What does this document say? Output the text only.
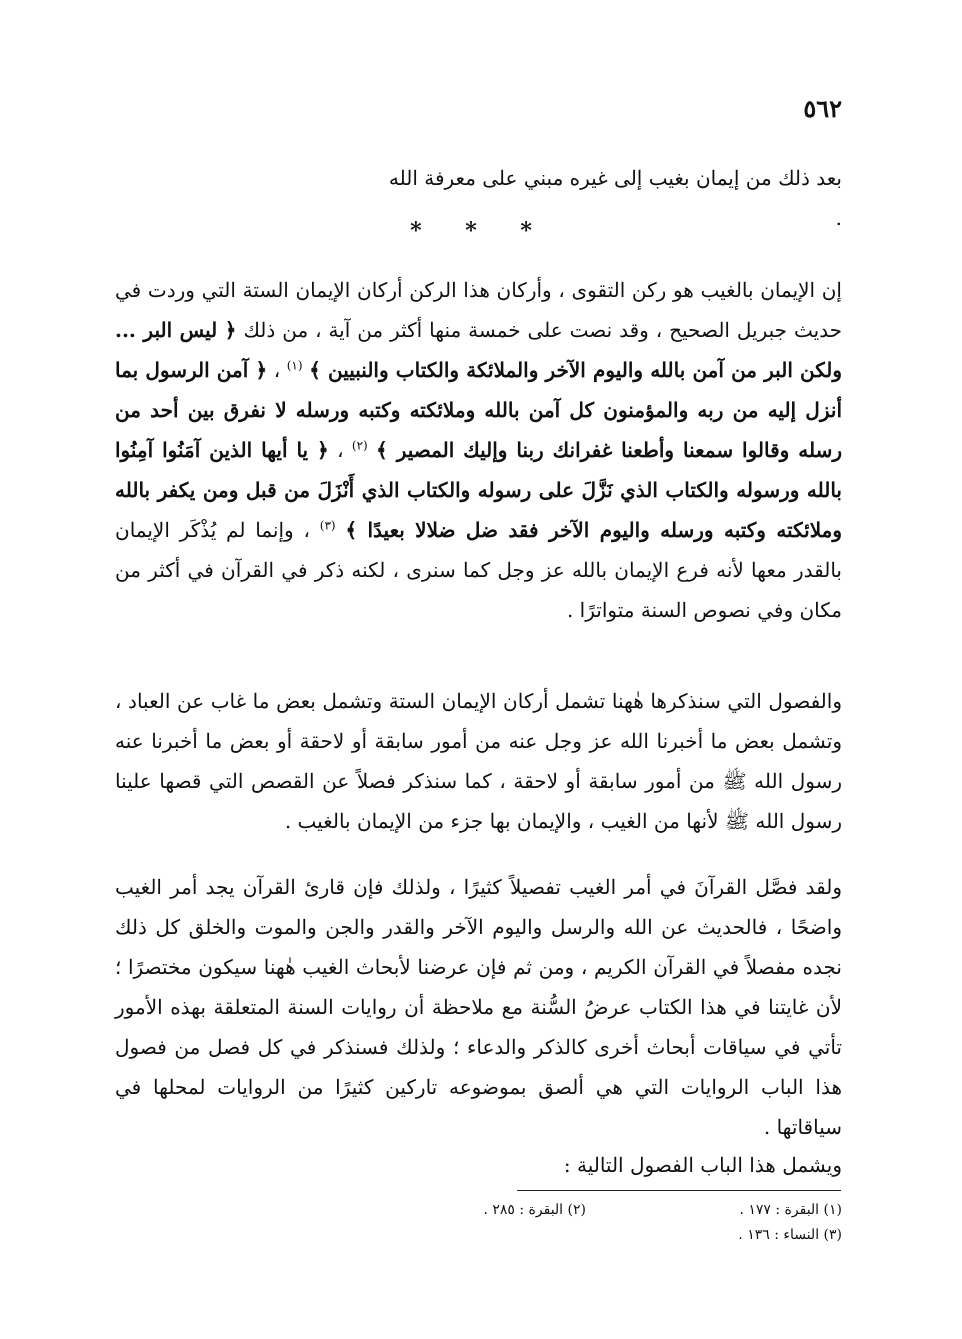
٥٦٢
بعد ذلك من إيمان بغيب إلى غيره مبني على معرفة الله .
* * *

إن الإيمان بالغيب هو ركن التقوى ، وأركان هذا الركن أركان الإيمان الستة التي وردت في حديث جبريل الصحيح ، وقد نصت على خمسة منها أكثر من آية ، من ذلك ﴿ ليس البر ... ولكن البر من آمن بالله واليوم الآخر والملائكة والكتاب والنبيين ﴾ $^{(١)}$ ، ﴿ آمن الرسول بما أنزل إليه من ربه والمؤمنون كل آمن بالله وملائكته وكتبه ورسله لا نفرق بين أحد من رسله وقالوا سمعنا وأطعنا غفرانك ربنا وإليك المصير ﴾ $^{(٢)}$ ، ﴿ يا أيها الذين آمَنُوا آمِنُوا بالله ورسوله والكتاب الذي نَزَّلَ على رسوله والكتاب الذي أَنْزَلَ من قبل ومن يكفر بالله وملائكته وكتبه ورسله واليوم الآخر فقد ضل ضلالا بعيدًا ﴾ $^{(٣)}$ ، وإنما لم يُذْكَر الإيمان بالقدر معها لأنه فرع الإيمان بالله عز وجل كما سنرى ، لكنه ذكر في القرآن في أكثر من مكان وفي نصوص السنة متواترًا .

والفصول التي سنذكرها هٰهنا تشمل أركان الإيمان الستة وتشمل بعض ما غاب عن العباد ، وتشمل بعض ما أخبرنا الله عز وجل عنه من أمور سابقة أو لاحقة أو بعض ما أخبرنا عنه رسول الله ﷺ من أمور سابقة أو لاحقة ، كما سنذكر فصلاً عن القصص التي قصها علينا رسول الله ﷺ لأنها من الغيب ، والإيمان بها جزء من الإيمان بالغيب .

ولقد فصَّل القرآنَ في أمر الغيب تفصيلاً كثيرًا ، ولذلك فإن قارئ القرآن يجد أمر الغيب واضحًا ، فالحديث عن الله والرسل واليوم الآخر والقدر والجن والموت والخلق كل ذلك نجده مفصلاً في القرآن الكريم ، ومن ثم فإن عرضنا لأبحاث الغيب هٰهنا سيكون مختصرًا ؛ لأن غايتنا في هذا الكتاب عرضُ السُّنة مع ملاحظة أن روايات السنة المتعلقة بهذه الأمور تأتي في سياقات أبحاث أخرى كالذكر والدعاء ؛ ولذلك فسنذكر في كل فصل من فصول هذا الباب الروايات التي هي ألصق بموضوعه تاركين كثيرًا من الروايات لمحلها في سياقاتها .

ويشمل هذا الباب الفصول التالية :

(١) البقرة : ١٧٧ .
(٢) البقرة : ٢٨٥ .
(٣) النساء : ١٣٦ .
